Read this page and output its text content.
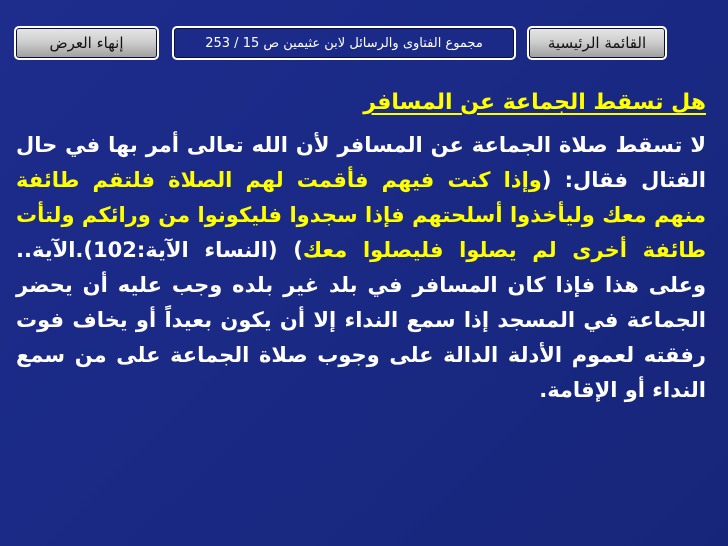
القائمة الرئيسية
مجموع الفتاوى والرسائل لابن عثيمين ص 15 / 253
إنهاء العرض
هل تسقط الجماعة عن المسافر
لا تسقط صلاة الجماعة عن المسافر لأن الله تعالى أمر بها في حال القتال فقال: (وإذا كنت فيهم فأقمت لهم الصلاة فلتقم طائفة منهم معك وليأخذوا أسلحتهم فإذا سجدوا فليكونوا من ورائكم ولتأت طائفة أخرى لم يصلوا فليصلوا معك) (النساء الآية:102).الآية.. وعلى هذا فإذا كان المسافر في بلد غير بلده وجب عليه أن يحضر الجماعة في المسجد إذا سمع النداء إلا أن يكون بعيداً أو يخاف فوت رفقته لعموم الأدلة الدالة على وجوب صلاة الجماعة على من سمع النداء أو الإقامة.
